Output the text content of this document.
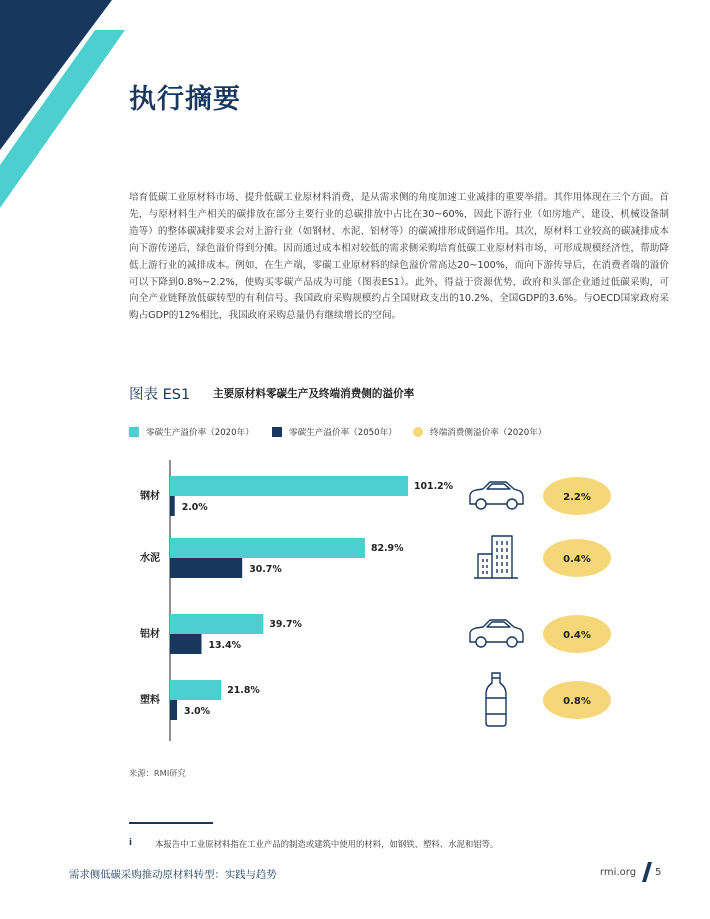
执行摘要

培育低碳工业原材料市场、提升低碳工业原材料消费，是从需求侧的角度加速工业减排的重要举措。其作用体现在三个方面。首先，与原材料生产相关的碳排放在部分主要行业的总碳排放中占比在30~60%，因此下游行业（如房地产、建设、机械设备制造等）的整体碳减排要求会对上游行业（如钢材、水泥、铝材等）的碳减排形成倒逼作用。其次，原材料工业较高的碳减排成本向下游传递后，绿色溢价得到分摊。因而通过成本相对较低的需求侧采购培育低碳工业原材料市场，可形成规模经济性，帮助降低上游行业的减排成本。例如，在生产端，零碳工业原材料的绿色溢价常高达20~100%，而向下游传导后，在消费者端的溢价可以下降到0.8%~2.2%，使购买零碳产品成为可能（图表ES1）。此外，得益于资源优势，政府和头部企业通过低碳采购，可向全产业链释放低碳转型的有利信号。我国政府采购规模约占全国财政支出的10.2%、全国GDP的3.6%。与OECD国家政府采购占GDP的12%相比，我国政府采购总量仍有继续增长的空间。

图表 ES1 主要原材料零碳生产及终端消费侧的溢价率
零碳生产溢价率（2020年）	零碳生产溢价率（2050年）	终端消费侧溢价率（2020年）
101.2%
2.0%
钢材	2.2%
82.9%
30.7%
水泥	0.4%
39.7%
13.4%
铝材	0.4%
21.8%
3.0%
塑料	0.8%
来源：RMI研究
i	本报告中工业原材料指在工业产品的制造或建筑中使用的材料，如钢铁、塑料、水泥和铝等。
需求侧低碳采购推动原材料转型：实践与趋势	rmi.org 5
